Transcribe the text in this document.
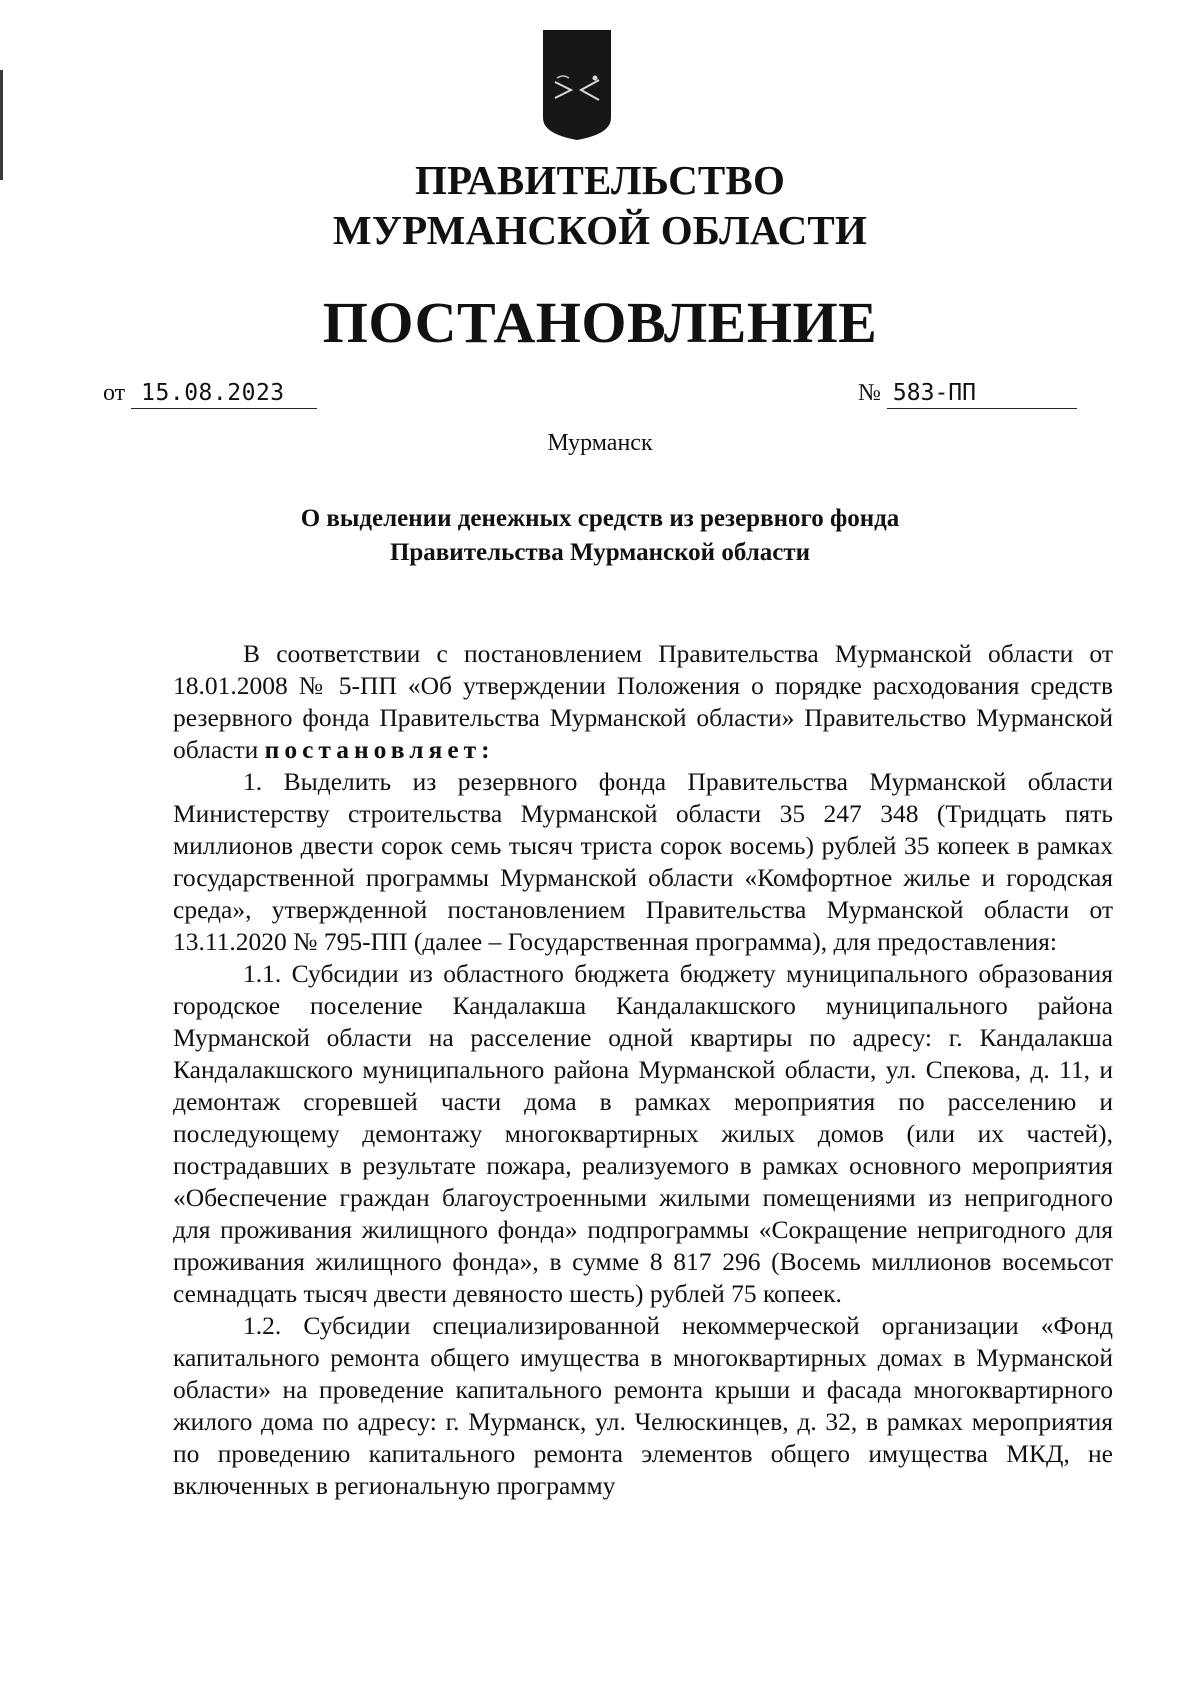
ПРАВИТЕЛЬСТВО
МУРМАНСКОЙ ОБЛАСТИ
ПОСТАНОВЛЕНИЕ
от 15.08.2023	№ 583-ПП
Мурманск
О выделении денежных средств из резервного фонда
Правительства Мурманской области

В соответствии с постановлением Правительства Мурманской области от 18.01.2008 № 5-ПП «Об утверждении Положения о порядке расходования средств резервного фонда Правительства Мурманской области» Правительство Мурманской области постановляет:

1. Выделить из резервного фонда Правительства Мурманской области Министерству строительства Мурманской области 35 247 348 (Тридцать пять миллионов двести сорок семь тысяч триста сорок восемь) рублей 35 копеек в рамках государственной программы Мурманской области «Комфортное жилье и городская среда», утвержденной постановлением Правительства Мурманской области от 13.11.2020 № 795-ПП (далее – Государственная программа), для предоставления:

1.1. Субсидии из областного бюджета бюджету муниципального образования городское поселение Кандалакша Кандалакшского муниципального района Мурманской области на расселение одной квартиры по адресу: г. Кандалакша Кандалакшского муниципального района Мурманской области, ул. Спекова, д. 11, и демонтаж сгоревшей части дома в рамках мероприятия по расселению и последующему демонтажу многоквартирных жилых домов (или их частей), пострадавших в результате пожара, реализуемого в рамках основного мероприятия «Обеспечение граждан благоустроенными жилыми помещениями из непригодного для проживания жилищного фонда» подпрограммы «Сокращение непригодного для проживания жилищного фонда», в сумме 8 817 296 (Восемь миллионов восемьсот семнадцать тысяч двести девяносто шесть) рублей 75 копеек.

1.2. Субсидии специализированной некоммерческой организации «Фонд капитального ремонта общего имущества в многоквартирных домах в Мурманской области» на проведение капитального ремонта крыши и фасада многоквартирного жилого дома по адресу: г. Мурманск, ул. Челюскинцев, д. 32, в рамках мероприятия по проведению капитального ремонта элементов общего имущества МКД, не включенных в региональную программу
